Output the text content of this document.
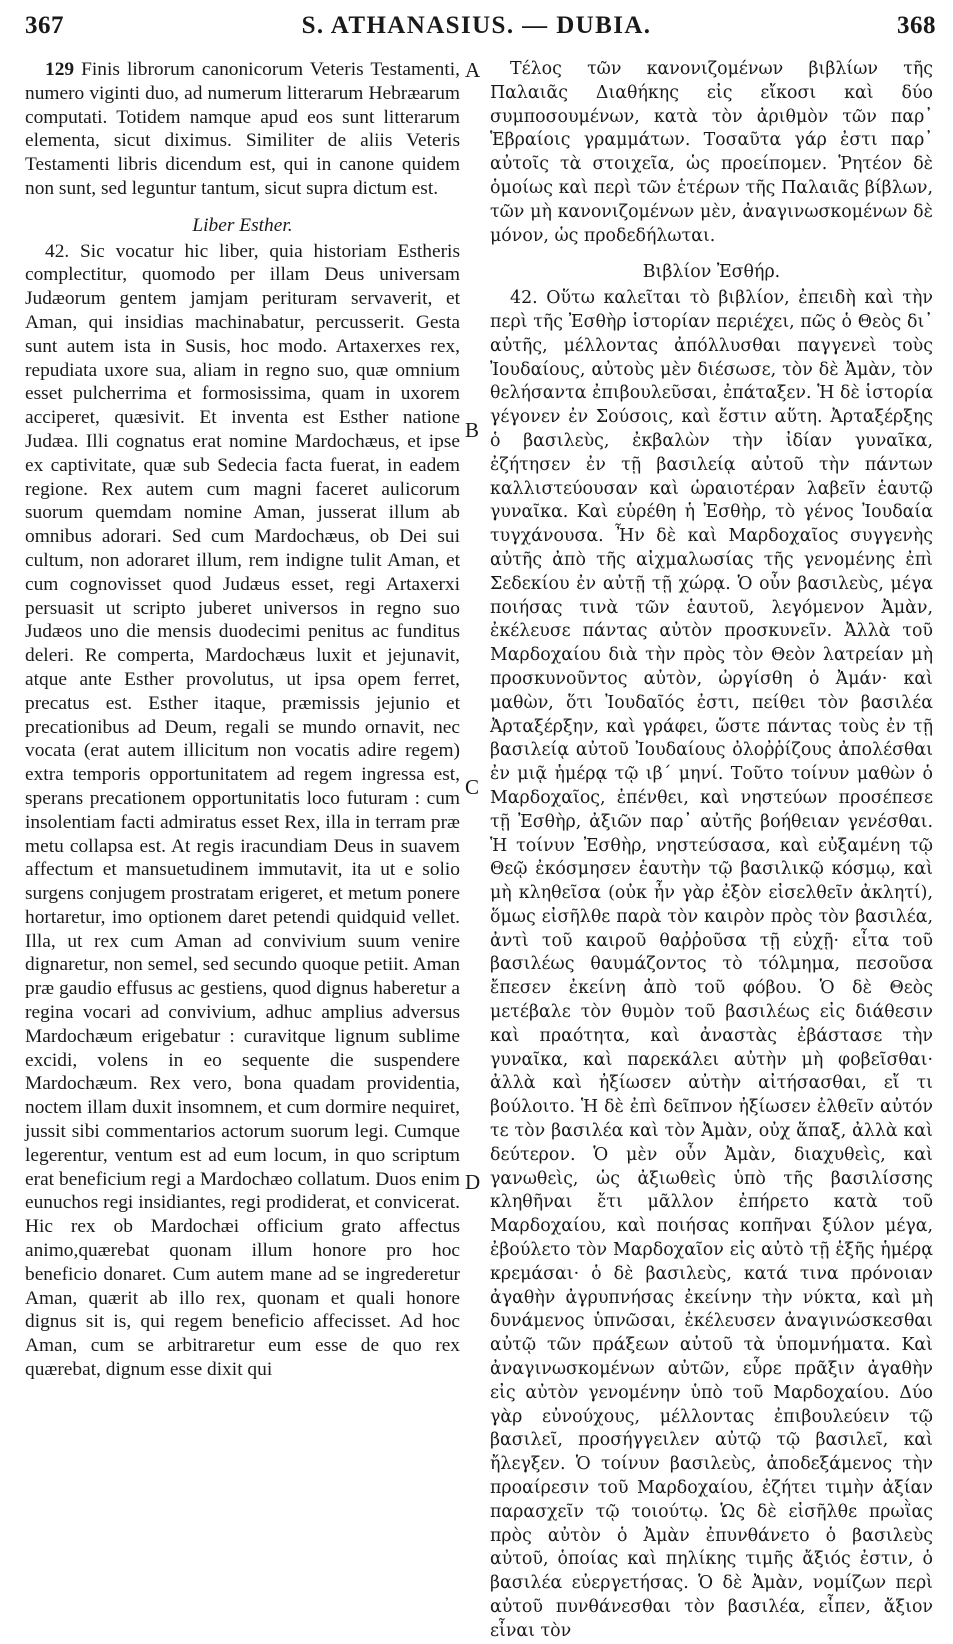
367	S. ATHANASIUS. — DUBIA.	368

129 Finis librorum canonicorum Veteris Testamenti, numero viginti duo, ad numerum litterarum Hebræarum computati. Totidem namque apud eos sunt litterarum elementa, sicut diximus. Similiter de aliis Veteris Testamenti libris dicendum est, qui in canone quidem non sunt, sed leguntur tantum, sicut supra dictum est.

Liber Esther.

42. Sic vocatur hic liber, quia historiam Estheris complectitur, quomodo per illam Deus universam Judæorum gentem jamjam perituram servaverit, et Aman, qui insidias machinabatur, percusserit. Gesta sunt autem ista in Susis, hoc modo. Artaxerxes rex, repudiata uxore sua, aliam in regno suo, quæ omnium esset pulcherrima et formosissima, quam in uxorem acciperet, quæsivit. Et inventa est Esther natione Judæa. Illi cognatus erat nomine Mardochæus, et ipse ex captivitate, quæ sub Sedecia facta fuerat, in eadem regione. Rex autem cum magni faceret aulicorum suorum quemdam nomine Aman, jusserat illum ab omnibus adorari. Sed cum Mardochæus, ob Dei sui cultum, non adoraret illum, rem indigne tulit Aman, et cum cognovisset quod Judæus esset, regi Artaxerxi persuasit ut scripto juberet universos in regno suo Judæos uno die mensis duodecimi penitus ac funditus deleri. Re comperta, Mardochæus luxit et jejunavit, atque ante Esther provolutus, ut ipsa opem ferret, precatus est. Esther itaque, præmissis jejunio et precationibus ad Deum, regali se mundo ornavit, nec vocata (erat autem illicitum non vocatis adire regem) extra temporis opportunitatem ad regem ingressa est, sperans precationem opportunitatis loco futuram : cum insolentiam facti admiratus esset Rex, illa in terram præ metu collapsa est. At regis iracundiam Deus in suavem affectum et mansuetudinem immutavit, ita ut e solio surgens conjugem prostratam erigeret, et metum ponere hortaretur, imo optionem daret petendi quidquid vellet. Illa, ut rex cum Aman ad convivium suum venire dignaretur, non semel, sed secundo quoque petiit. Aman præ gaudio effusus ac gestiens, quod dignus haberetur a regina vocari ad convivium, adhuc amplius adversus Mardochæum erigebatur : curavitque lignum sublime excidi, volens in eo sequente die suspendere Mardochæum. Rex vero, bona quadam providentia, noctem illam duxit insomnem, et cum dormire nequiret, jussit sibi commentarios actorum suorum legi. Cumque legerentur, ventum est ad eum locum, in quo scriptum erat beneficium regi a Mardochæo collatum. Duos enim eunuchos regi insidiantes, regi prodiderat, et convicerat. Hic rex ob Mardochæi officium grato affectus animo,quærebat quonam illum honore pro hoc beneficio donaret. Cum autem mane ad se ingrederetur Aman, quærit ab illo rex, quonam et quali honore dignus sit is, qui regem beneficio affecisset. Ad hoc Aman, cum se arbitraretur eum esse de quo rex quærebat, dignum esse dixit qui

Τέλος τῶν κανονιζομένων βιβλίων τῆς Παλαιᾶς Διαθήκης εἰς εἴκοσι καὶ δύο συμποσουμένων, κατὰ τὸν ἀριθμὸν τῶν παρ᾽ Ἑβραίοις γραμμάτων. Τοσαῦτα γάρ ἐστι παρ᾽ αὐτοῖς τὰ στοιχεῖα, ὡς προείπομεν. Ῥητέον δὲ ὁμοίως καὶ περὶ τῶν ἑτέρων τῆς Παλαιᾶς βίβλων, τῶν μὴ κανονιζομένων μὲν, ἀναγινωσκομένων δὲ μόνον, ὡς προδεδήλωται.

Βιβλίον Ἐσθήρ.

42. Οὕτω καλεῖται τὸ βιβλίον, ἐπειδὴ καὶ τὴν περὶ τῆς Ἐσθὴρ ἱστορίαν περιέχει, πῶς ὁ Θεὸς δι᾽ αὐτῆς, μέλλοντας ἀπόλλυσθαι παγγενεὶ τοὺς Ἰουδαίους, αὐτοὺς μὲν διέσωσε, τὸν δὲ Ἀμὰν, τὸν θελήσαντα ἐπιβουλεῦσαι, ἐπάταξεν. Ἡ δὲ ἱστορία γέγονεν ἐν Σούσοις, καὶ ἔστιν αὕτη. Ἀρταξέρξης ὁ βασιλεὺς, ἐκβαλὼν τὴν ἰδίαν γυναῖκα, ἐζήτησεν ἐν τῇ βασιλείᾳ αὐτοῦ τὴν πάντων καλλιστεύουσαν καὶ ὡραιοτέραν λαβεῖν ἑαυτῷ γυναῖκα. Καὶ εὑρέθη ἡ Ἐσθὴρ, τὸ γένος Ἰουδαία τυγχάνουσα. Ἦν δὲ καὶ Μαρδοχαῖος συγγενὴς αὐτῆς ἀπὸ τῆς αἰχμαλωσίας τῆς γενομένης ἐπὶ Σεδεκίου ἐν αὐτῇ τῇ χώρᾳ. Ὁ οὖν βασιλεὺς, μέγα ποιήσας τινὰ τῶν ἑαυτοῦ, λεγόμενον Ἀμὰν, ἐκέλευσε πάντας αὐτὸν προσκυνεῖν. Ἀλλὰ τοῦ Μαρδοχαίου διὰ τὴν πρὸς τὸν Θεὸν λατρείαν μὴ προσκυνοῦντος αὐτὸν, ὠργίσθη ὁ Ἀμάν· καὶ μαθὼν, ὅτι Ἰουδαῖός ἐστι, πείθει τὸν βασιλέα Ἀρταξέρξην, καὶ γράφει, ὥστε πάντας τοὺς ἐν τῇ βασιλείᾳ αὐτοῦ Ἰουδαίους ὀλοῤῥίζους ἀπολέσθαι ἐν μιᾷ ἡμέρᾳ τῷ ιβ΄ μηνί. Τοῦτο τοίνυν μαθὼν ὁ Μαρδοχαῖος, ἐπένθει, καὶ νηστεύων προσέπεσε τῇ Ἐσθὴρ, ἀξιῶν παρ᾽ αὐτῆς βοήθειαν γενέσθαι. Ἡ τοίνυν Ἐσθὴρ, νηστεύσασα, καὶ εὐξαμένη τῷ Θεῷ ἐκόσμησεν ἑαυτὴν τῷ βασιλικῷ κόσμῳ, καὶ μὴ κληθεῖσα (οὐκ ἦν γὰρ ἐξὸν εἰσελθεῖν ἀκλητί), ὅμως εἰσῆλθε παρὰ τὸν καιρὸν πρὸς τὸν βασιλέα, ἀντὶ τοῦ καιροῦ θαῤῥοῦσα τῇ εὐχῇ· εἶτα τοῦ βασιλέως θαυμάζοντος τὸ τόλμημα, πεσοῦσα ἔπεσεν ἐκείνη ἀπὸ τοῦ φόβου. Ὁ δὲ Θεὸς μετέβαλε τὸν θυμὸν τοῦ βασιλέως εἰς διάθεσιν καὶ πραότητα, καὶ ἀναστὰς ἐβάστασε τὴν γυναῖκα, καὶ παρεκάλει αὐτὴν μὴ φοβεῖσθαι· ἀλλὰ καὶ ἠξίωσεν αὐτὴν αἰτήσασθαι, εἴ τι βούλοιτο. Ἡ δὲ ἐπὶ δεῖπνον ἠξίωσεν ἐλθεῖν αὐτόν τε τὸν βασιλέα καὶ τὸν Ἀμὰν, οὐχ ἅπαξ, ἀλλὰ καὶ δεύτερον. Ὁ μὲν οὖν Ἀμὰν, διαχυθεὶς, καὶ γανωθεὶς, ὡς ἀξιωθεὶς ὑπὸ τῆς βασιλίσσης κληθῆναι ἔτι μᾶλλον ἐπήρετο κατὰ τοῦ Μαρδοχαίου, καὶ ποιήσας κοπῆναι ξύλον μέγα, ἐβούλετο τὸν Μαρδοχαῖον εἰς αὐτὸ τῇ ἑξῆς ἡμέρᾳ κρεμάσαι· ὁ δὲ βασιλεὺς, κατά τινα πρόνοιαν ἀγαθὴν ἀγρυπνήσας ἐκείνην τὴν νύκτα, καὶ μὴ δυνάμενος ὑπνῶσαι, ἐκέλευσεν ἀναγινώσκεσθαι αὐτῷ τῶν πράξεων αὐτοῦ τὰ ὑπομνήματα. Καὶ ἀναγινωσκομένων αὐτῶν, εὗρε πρᾶξιν ἀγαθὴν εἰς αὐτὸν γενομένην ὑπὸ τοῦ Μαρδοχαίου. Δύο γὰρ εὐνούχους, μέλλοντας ἐπιβουλεύειν τῷ βασιλεῖ, προσήγγειλεν αὐτῷ τῷ βασιλεῖ, καὶ ἤλεγξεν. Ὁ τοίνυν βασιλεὺς, ἀποδεξάμενος τὴν προαίρεσιν τοῦ Μαρδοχαίου, ἐζήτει τιμὴν ἀξίαν παρασχεῖν τῷ τοιούτῳ. Ὡς δὲ εἰσῆλθε πρωῒας πρὸς αὐτὸν ὁ Ἀμὰν ἐπυνθάνετο ὁ βασιλεὺς αὐτοῦ, ὁποίας καὶ πηλίκης τιμῆς ἄξιός ἐστιν, ὁ βασιλέα εὐεργετήσας. Ὁ δὲ Ἀμὰν, νομίζων περὶ αὐτοῦ πυνθάνεσθαι τὸν βασιλέα, εἶπεν, ἄξιον εἶναι τὸν

A
B
C
D
